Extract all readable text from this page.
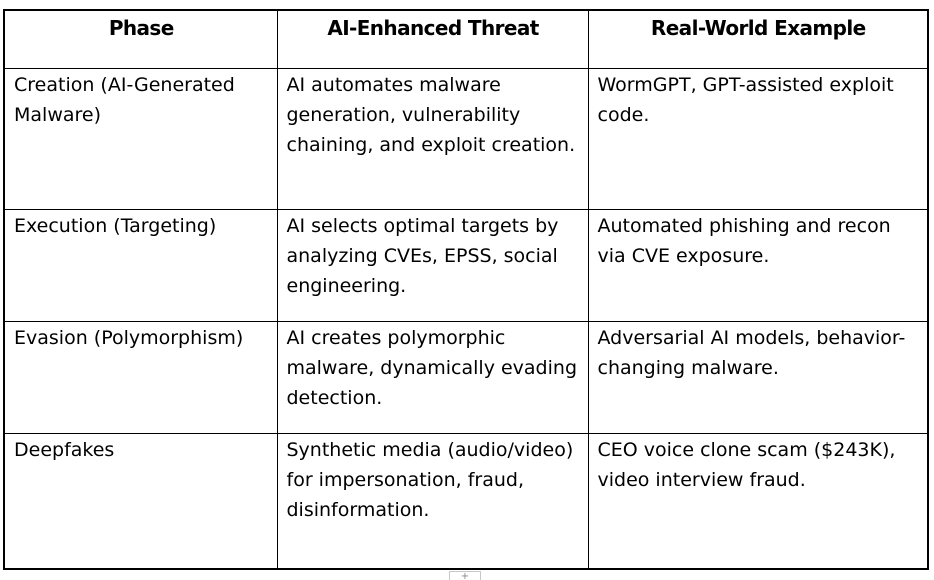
Phase	AI-Enhanced Threat	Real-World Example
Creation (AI-Generated Malware)	AI automates malware generation, vulnerability chaining, and exploit creation.	WormGPT, GPT-assisted exploit code.
Execution (Targeting)	AI selects optimal targets by analyzing CVEs, EPSS, social engineering.	Automated phishing and recon via CVE exposure.
Evasion (Polymorphism)	AI creates polymorphic malware, dynamically evading detection.	Adversarial AI models, behavior-changing malware.
Deepfakes	Synthetic media (audio/video) for impersonation, fraud, disinformation.	CEO voice clone scam ($243K), video interview fraud.
+
